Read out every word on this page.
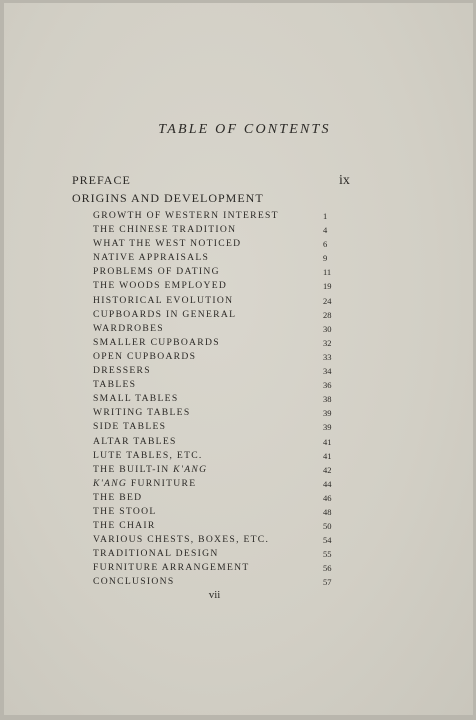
TABLE OF CONTENTS
PREFACE	ix
ORIGINS AND DEVELOPMENT
GROWTH OF WESTERN INTEREST	1
THE CHINESE TRADITION	4
WHAT THE WEST NOTICED	6
NATIVE APPRAISALS	9
PROBLEMS OF DATING	11
THE WOODS EMPLOYED	19
HISTORICAL EVOLUTION	24
CUPBOARDS IN GENERAL	28
WARDROBES	30
SMALLER CUPBOARDS	32
OPEN CUPBOARDS	33
DRESSERS	34
TABLES	36
SMALL TABLES	38
WRITING TABLES	39
SIDE TABLES	39
ALTAR TABLES	41
LUTE TABLES, ETC.	41
THE BUILT-IN K'ANG	42
K'ANG FURNITURE	44
THE BED	46
THE STOOL	48
THE CHAIR	50
VARIOUS CHESTS, BOXES, ETC.	54
TRADITIONAL DESIGN	55
FURNITURE ARRANGEMENT	56
CONCLUSIONS	57
vii
